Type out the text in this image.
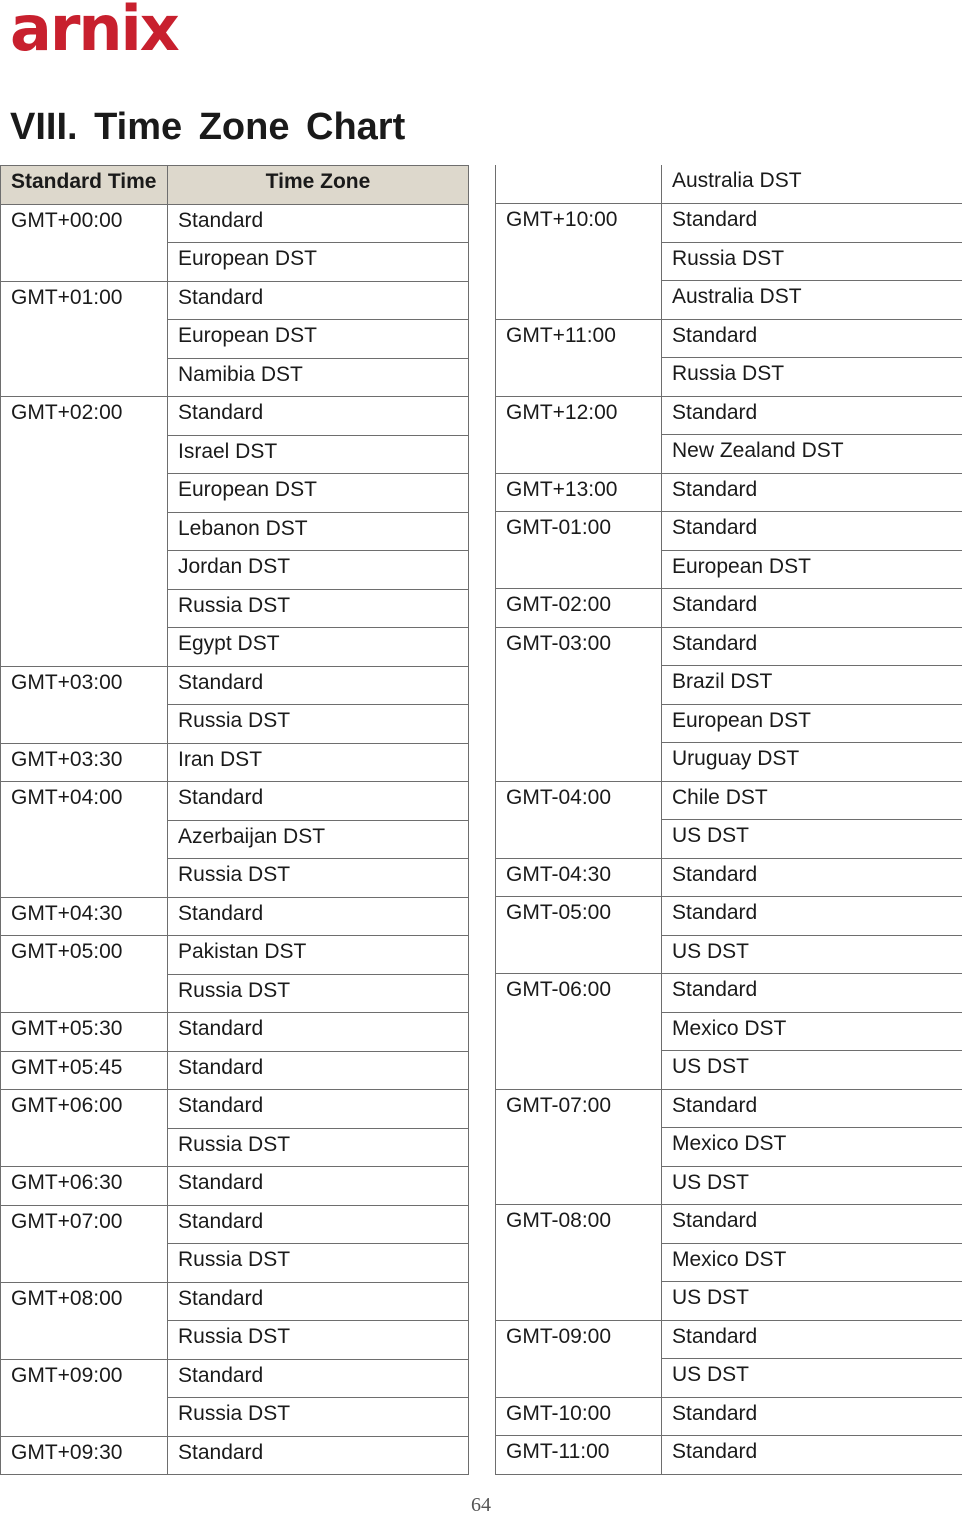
arnix
VIII. Time Zone Chart
Standard Time	Time Zone
GMT+00:00	Standard
	European DST
GMT+01:00	Standard
	European DST
	Namibia DST
GMT+02:00	Standard
	Israel DST
	European DST
	Lebanon DST
	Jordan DST
	Russia DST
	Egypt DST
GMT+03:00	Standard
	Russia DST
GMT+03:30	Iran DST
GMT+04:00	Standard
	Azerbaijan DST
	Russia DST
GMT+04:30	Standard
GMT+05:00	Pakistan DST
	Russia DST
GMT+05:30	Standard
GMT+05:45	Standard
GMT+06:00	Standard
	Russia DST
GMT+06:30	Standard
GMT+07:00	Standard
	Russia DST
GMT+08:00	Standard
	Russia DST
GMT+09:00	Standard
	Russia DST
GMT+09:30	Standard
	Australia DST
GMT+10:00	Standard
	Russia DST
	Australia DST
GMT+11:00	Standard
	Russia DST
GMT+12:00	Standard
	New Zealand DST
GMT+13:00	Standard
GMT-01:00	Standard
	European DST
GMT-02:00	Standard
GMT-03:00	Standard
	Brazil DST
	European DST
	Uruguay DST
GMT-04:00	Chile DST
	US DST
GMT-04:30	Standard
GMT-05:00	Standard
	US DST
GMT-06:00	Standard
	Mexico DST
	US DST
GMT-07:00	Standard
	Mexico DST
	US DST
GMT-08:00	Standard
	Mexico DST
	US DST
GMT-09:00	Standard
	US DST
GMT-10:00	Standard
GMT-11:00	Standard
64
